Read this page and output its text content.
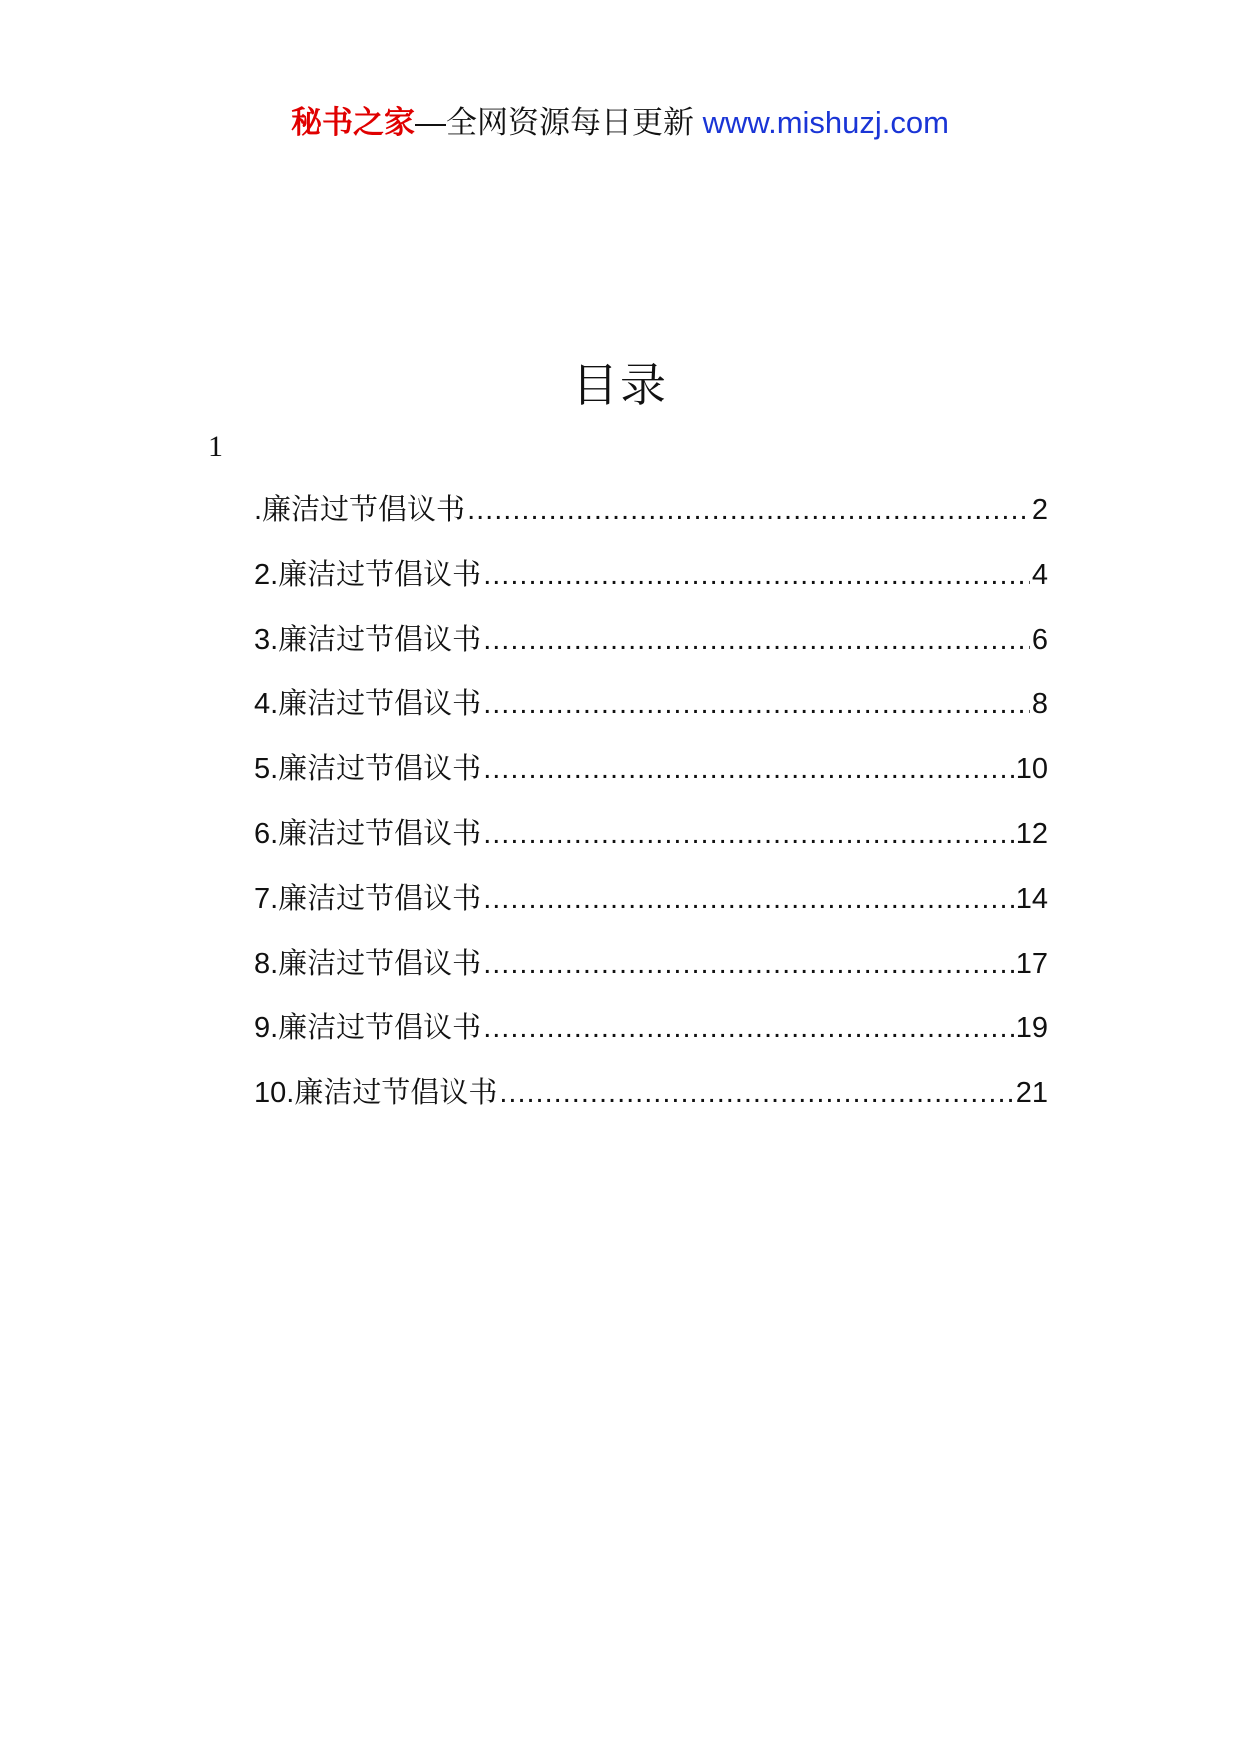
秘书之家—全网资源每日更新 www.mishuzj.com
目录
1
.廉洁过节倡议书 .....	2
2.廉洁过节倡议书 .....	4
3.廉洁过节倡议书 .....	6
4.廉洁过节倡议书 .....	8
5.廉洁过节倡议书 .....	10
6.廉洁过节倡议书 .....	12
7.廉洁过节倡议书 .....	14
8.廉洁过节倡议书 .....	17
9.廉洁过节倡议书 .....	19
10.廉洁过节倡议书 .....	21
